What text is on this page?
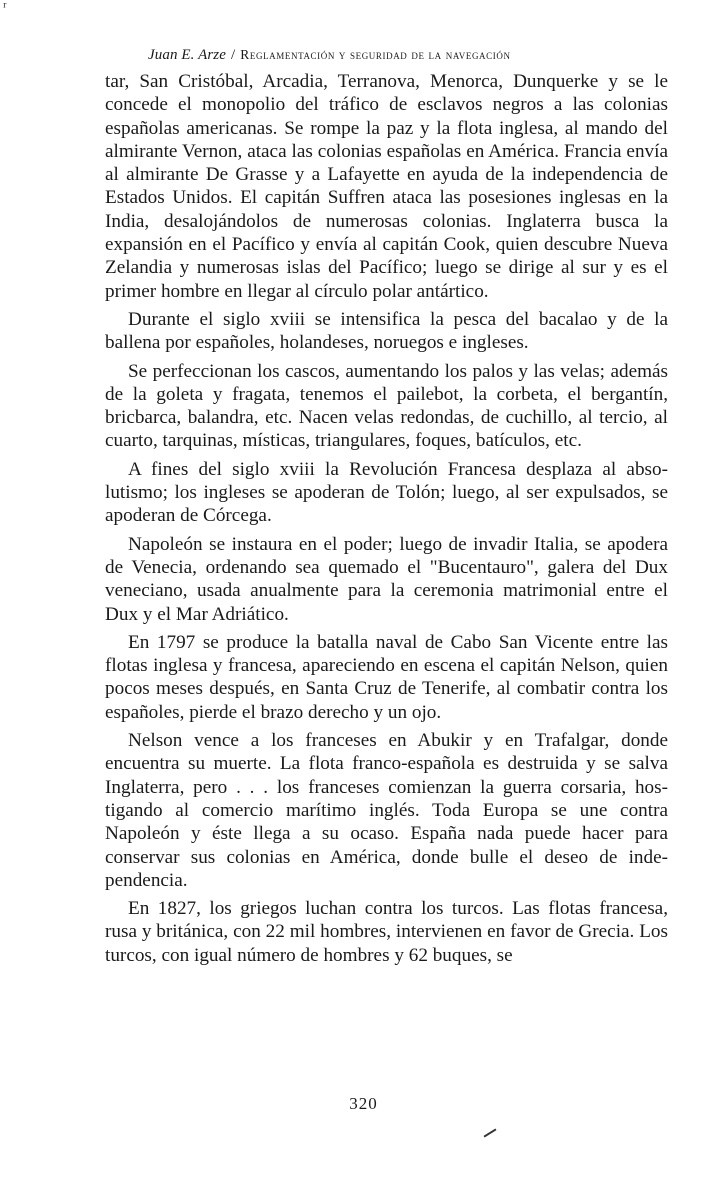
ʳ
Juan E. Arze / Reglamentación y seguridad de la navegación

tar, San Cristóbal, Arcadia, Terranova, Menorca, Dunquerke y se le concede el monopolio del tráfico de esclavos negros a las colonias españolas americanas. Se rompe la paz y la flota inglesa, al mando del almirante Vernon, ataca las colonias españolas en América. Francia envía al almirante De Grasse y a Lafayette en ayuda de la independencia de Estados Unidos. El capitán Suffren ataca las posesiones inglesas en la India, desalojándolos de numerosas colonias. Inglaterra busca la expansión en el Pacífico y envía al capitán Cook, quien descubre Nueva Zelandia y numerosas islas del Pacífico; luego se dirige al sur y es el primer hombre en llegar al círculo polar antártico.

Durante el siglo xviii se intensifica la pesca del bacalao y de la ballena por españoles, holandeses, noruegos e ingleses.

Se perfeccionan los cascos, aumentando los palos y las velas; además de la goleta y fragata, tenemos el pailebot, la corbeta, el bergantín, bricbarca, balandra, etc. Nacen velas redondas, de cuchillo, al tercio, al cuarto, tarquinas, místicas, triangulares, foques, batículos, etc.

A fines del siglo xviii la Revolución Francesa desplaza al absolutismo; los ingleses se apoderan de Tolón; luego, al ser expulsados, se apoderan de Córcega.

Napoleón se instaura en el poder; luego de invadir Italia, se apodera de Venecia, ordenando sea quemado el "Bucentauro", galera del Dux veneciano, usada anualmente para la ceremonia matrimonial entre el Dux y el Mar Adriático.

En 1797 se produce la batalla naval de Cabo San Vicente entre las flotas inglesa y francesa, apareciendo en escena el capitán Nelson, quien pocos meses después, en Santa Cruz de Tenerife, al combatir contra los españoles, pierde el brazo derecho y un ojo.

Nelson vence a los franceses en Abukir y en Trafalgar, donde encuentra su muerte. La flota franco-española es destruida y se salva Inglaterra, pero . . . los franceses comienzan la guerra corsaria, hostigando al comercio marítimo inglés. Toda Europa se une contra Napoleón y éste llega a su ocaso. España nada puede hacer para conservar sus colonias en América, donde bulle el deseo de independencia.

En 1827, los griegos luchan contra los turcos. Las flotas francesa, rusa y británica, con 22 mil hombres, intervienen en favor de Grecia. Los turcos, con igual número de hombres y 62 buques, se

320
